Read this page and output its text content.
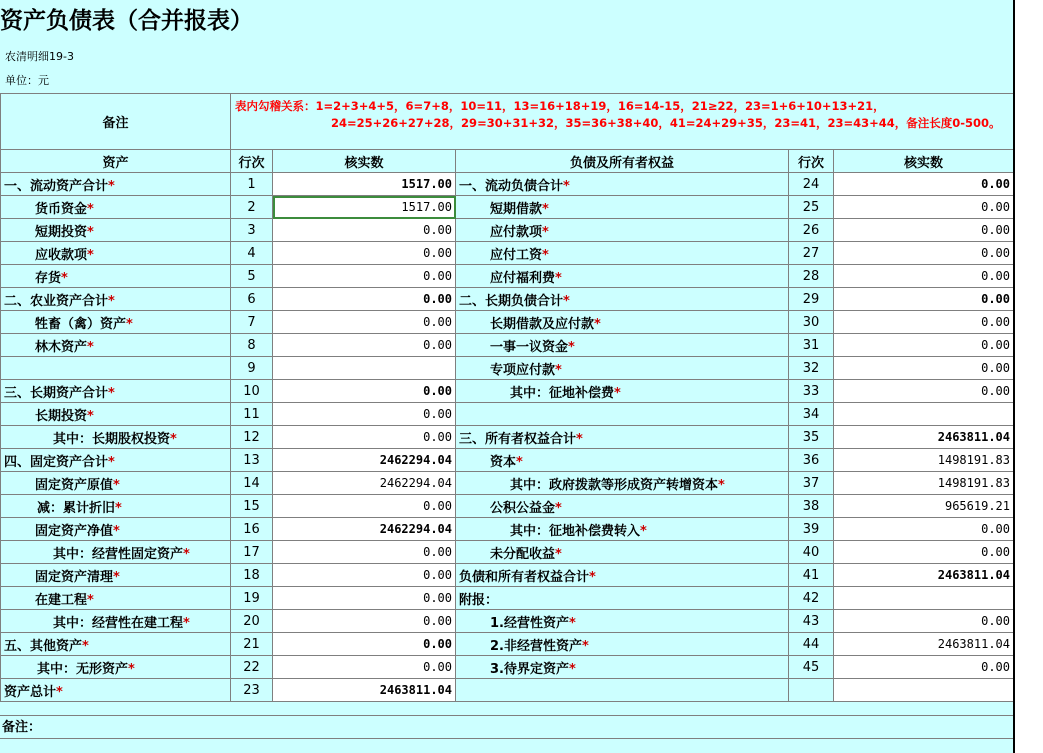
资产负债表（合并报表）
农清明细19-3
单位：元
备注	表内勾稽关系：1=2+3+4+5，6=7+8，10=11，13=16+18+19，16=14-15，21≥22，23=1+6+10+13+21，
24=25+26+27+28，29=30+31+32，35=36+38+40，41=24+29+35，23=41，23=43+44，备注长度0-500。				

资产	行次	核实数	负债及所有者权益	行次	核实数
一、流动资产合计*	1	1517.00	一、流动负债合计*	24	0.00
货币资金*	2	1517.00	短期借款*	25	0.00
短期投资*	3	0.00	应付款项*	26	0.00
应收款项*	4	0.00	应付工资*	27	0.00
存货*	5	0.00	应付福利费*	28	0.00
二、农业资产合计*	6	0.00	二、长期负债合计*	29	0.00
牲畜（禽）资产*	7	0.00	长期借款及应付款*	30	0.00
林木资产*	8	0.00	一事一议资金*	31	0.00
	9		专项应付款*	32	0.00
三、长期资产合计*	10	0.00	其中：征地补偿费*	33	0.00
长期投资*	11	0.00		34	
其中：长期股权投资*	12	0.00	三、所有者权益合计*	35	2463811.04
四、固定资产合计*	13	2462294.04	资本*	36	1498191.83
固定资产原值*	14	2462294.04	其中：政府拨款等形成资产转增资本*	37	1498191.83
减：累计折旧*	15	0.00	公积公益金*	38	965619.21
固定资产净值*	16	2462294.04	其中：征地补偿费转入*	39	0.00
其中：经营性固定资产*	17	0.00	未分配收益*	40	0.00
固定资产清理*	18	0.00	负债和所有者权益合计*	41	2463811.04
在建工程*	19	0.00	附报：	42	
其中：经营性在建工程*	20	0.00	1.经营性资产*	43	0.00
五、其他资产*	21	0.00	2.非经营性资产*	44	2463811.04
其中：无形资产*	22	0.00	3.待界定资产*	45	0.00
资产总计*	23	2463811.04			
备注：
